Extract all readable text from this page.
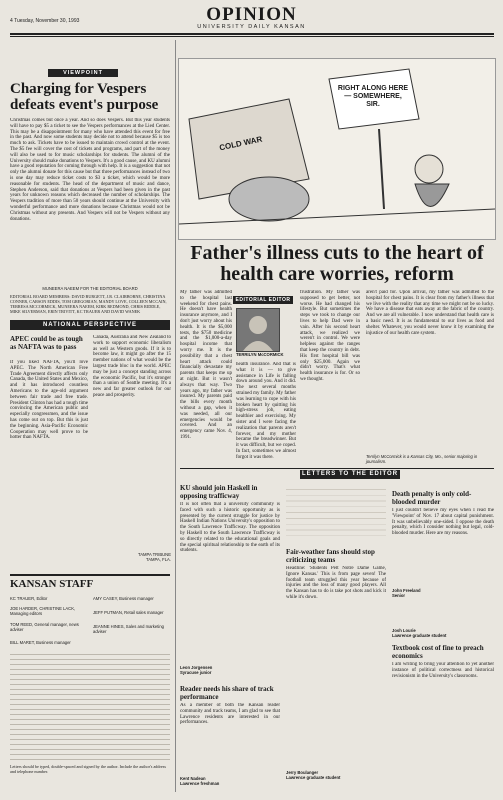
4 Tuesday, November 30, 1993	OPINION
UNIVERSITY DAILY KANSAN
VIEWPOINT
Charging for Vespers defeats event's purpose
Christmas comes but once a year. And so does Vespers. But this year students will have to pay $5 a ticket to see the Vespers performances at the Lied Center. This may be a disappointment for many who have attended this event for free in the past. And now some students may decide not to attend because $5 is too much to ask. Tickets have to be issued to maintain crowd control at the event. The $5 fee will cover the cost of tickets and programs, and part of the money will also be used to for music scholarships for students. The alumni of the University should make donations to Vespers. It's a good cause, and KU alumni have a good reputation for coming through with help. It is a suggestion that not only the alumni donate for this cause but that three performances instead of two is one day may reduce ticket costs to $3 a ticket, which would be more reasonable for students. The head of the department of music and dance, Stephen Anderson, said that donations at Vespers had been given in the past years for unknown reasons which decreased the number of scholarships. The Vespers tradition of more than 50 years should continue at the University with wonderful performance and more donations because Christmas would not be Christmas without any presents. And Vespers will not be Vespers without any donations.
MUNEERA NAEEM FOR THE EDITORIAL BOARD
EDITORIAL BOARD MEMBERS: DAVID BURGETT, J.R. CLAIRBORNE, CHRISTINA CONNER, CARSON EDDIS, TOM GREGORIAN, MANDY LOVE, COLLEEN MCCAIN, TERRESA MCCORMICK, MUNEERA NAEEM, KIRK REDMOND, CHRIS RIDDLE, MIKE SILVERMAN, ERIN TRIVITT, KC TRAUER AND DAVID WANEK
NATIONAL PERSPECTIVE
APEC could be as tough as NAFTA was to pass
If you liked NAFTA, you'll love APEC. The North American Free Trade Agreement directly affects only Canada, the United States and Mexico, and it has introduced countless Americans to the age-old argument between fair trade and free trade. President Clinton has had a tough time convincing the American public and especially congressmen, and the issue has come out on top. But this is just the beginning. Asia-Pacific Economic Cooperation may well prove to be hotter than NAFTA.
Canada, Australia and New Zealand to work to support economic liberalism as well as Western goods. If it is to become law, it might go after the 15 member nations of what would be the largest trade bloc in the world. APEC may be just a concept standing across the economic Pacific, but it's stronger than a union of Seattle meeting. It's a new and far greater outlook for our peace and prosperity.
TAMPA TRIBUNE
TAMPA, FLA.
KANSAN STAFF
KC TRAUER, Editor
JOE HARDER, CHRISTINE LACK, Managing editors
TOM REED, General manager, news adviser
BILL MARET, Business manager
AMY CASEY, Business manager
JEFF PUTMAN, Retail sales manager
JEANNE HINES, Sales and marketing adviser
Letters should be typed, double-spaced and signed by the author. Include the author's address and telephone number.
RIGHT ALONG HERE — SOMEWHERE, SIR.
COLD WAR
Father's illness cuts to the heart of health care worries, reform
My father was admitted to the hospital last weekend for chest pains. He doesn't have health insurance anymore, and I don't just worry about his health. It is the $5,000 tests, the $750 medicine and the $1,000-a-day hospital income that worry me. It is the possibility that a chest heart attack could financially devastate my parents that keeps me up at night. But it wasn't always that way. Two years ago, my father was insured. My parents paid the bills every month without a gap, when it was needed, all our emergencies would be covered. And an emergency came Nov. 4, 1991.
EDITORIAL EDITOR
TERRILYN McCORMICK
health insurance. And that is what it is — to give assistance in Life is falling down around you. And it did. The next several months strained my family. My father was learning to cope with his broken heart by quitting his high-stress job, eating healthier and exercising. My sister and I were facing the realization that parents aren't forever, and my mother became the breadwinner. But it was difficult, but we coped. In fact, sometimes we almost forgot it was there.
frustration. My father was supposed to get better, not worse. He had changed his lifestyle. But sometimes the steps we took to change our lives to help Dad were in vain. After his second heart attack, we realized we weren't in control. We were helpless against the ranges that keep the country in debt. His first hospital bill was only $25,000. Again we didn't worry. That's what health insurance is for. Or so we thought.
aren't paid for. Upon arrival, my father was admitted to the hospital for chest pains. It is clear from my father's illness that we live with the reality that any time we might not be so lucky. We have a disease that eats away at the fabric of the country. And we are all vulnerable. I now understand that health care is a basic need. It is as fundamental to our lives as food and shelter. Whatever, you would never know it by examining the injustice of our health care system.
Terrilyn McCormick is a Kansas City, Mo., senior majoring in journalism.
LETTERS TO THE EDITOR
KU should join Haskell in opposing trafficway
It is not often that a university community is faced with such a historic opportunity as is presented by the current struggle for justice by Haskell Indian Nations University's opposition to the South Lawrence Trafficway. The opposition by Haskell to the South Lawrence Trafficway is so directly related to the educational goals and the special spiritual relationship to the earth of its students.
Leon Jorgensen
Syracuse junior
Reader needs his share of track performance
As a member of both the Kansan reader community and track teams, I am glad to see that Lawrence residents are interested in our performances.
Kent Nadean
Lawrence freshman
Fair-weather fans should stop criticizing teams
Headline: 'Students Pelt Notre Dame Game, Ignore Kansas.' This is from page seven! The football team struggled this year because of injuries and the loss of many good players. All the Kansan has to do is take pot shots and kick it while it's down.
Jerry Boulanger
Lawrence graduate student
Death penalty is only cold-blooded murder
I just couldn't believe my eyes when I read the 'Viewpoint' of Nov. 17 about capital punishment. It was unbelievably one-sided. I oppose the death penalty, which I consider nothing but legal, cold-blooded murder. Here are my reasons.
John Freeland
Senior
Josh Lourie
Lawrence graduate student
Textbook cost of fine to preach economics
I am writing to bring your attention to yet another instance of political correctness and historical revisionism in the University's classrooms.
